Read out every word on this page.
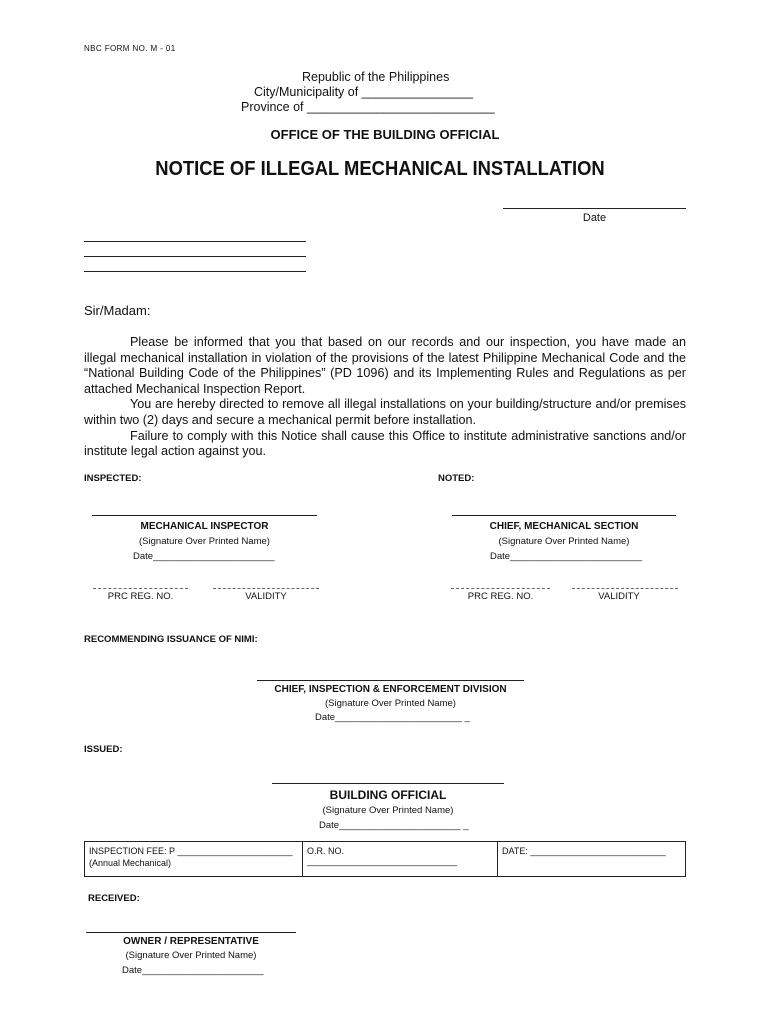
NBC FORM NO. M - 01
Republic of the Philippines
City/Municipality of ________________
Province of ___________________________
OFFICE OF THE BUILDING OFFICIAL
NOTICE OF ILLEGAL MECHANICAL INSTALLATION
Date
Sir/Madam:

Please be informed that you that based on our records and our inspection, you have made an illegal mechanical installation in violation of the provisions of the latest Philippine Mechanical Code and the “National Building Code of the Philippines” (PD 1096) and its Implementing Rules and Regulations as per attached Mechanical Inspection Report.

You are hereby directed to remove all illegal installations on your building/structure and/or premises within two (2) days and secure a mechanical permit before installation.

Failure to comply with this Notice shall cause this Office to institute administrative sanctions and/or institute legal action against you.

INSPECTED:	NOTED:
MECHANICAL INSPECTOR
(Signature Over Printed Name)
Date_______________________
CHIEF, MECHANICAL SECTION
(Signature Over Printed Name)
Date_________________________
PRC REG. NO.	VALIDITY	PRC REG. NO.	VALIDITY
RECOMMENDING ISSUANCE OF NIMI:
CHIEF, INSPECTION & ENFORCEMENT DIVISION
(Signature Over Printed Name)
Date________________________ _
ISSUED:
BUILDING OFFICIAL
(Signature Over Printed Name)
Date_______________________ _
INSPECTION FEE: P _______________________
(Annual Mechanical)
	O.R. NO. ______________________________	DATE: ___________________________
RECEIVED:
OWNER / REPRESENTATIVE
(Signature Over Printed Name)
Date_______________________
